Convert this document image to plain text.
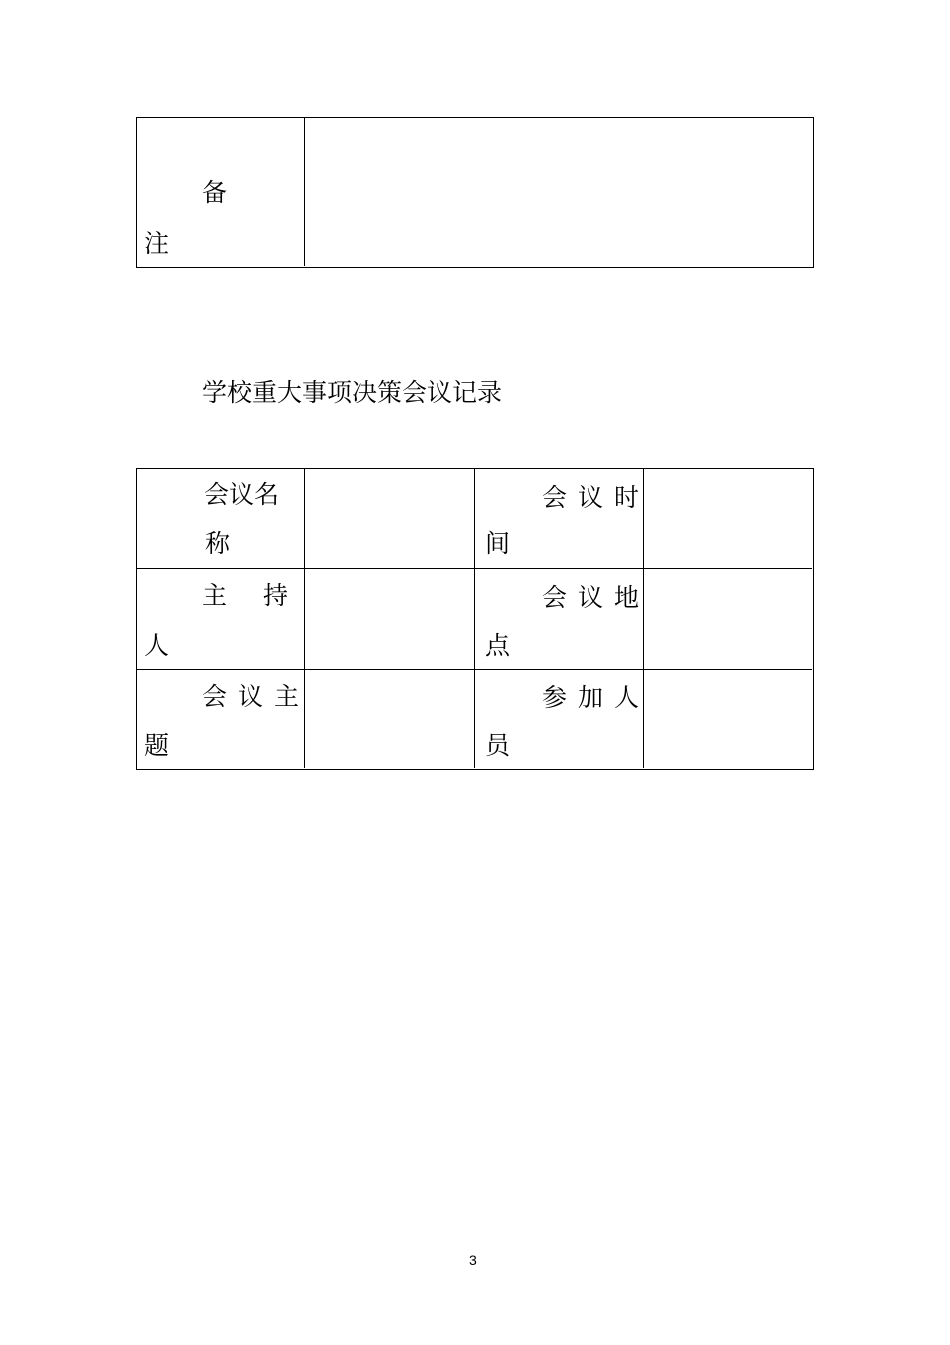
备
注
学校重大事项决策会议记录
会议名
称
会议时
间
主持
人
会议地
点
会议主
题
参加人
员
3
